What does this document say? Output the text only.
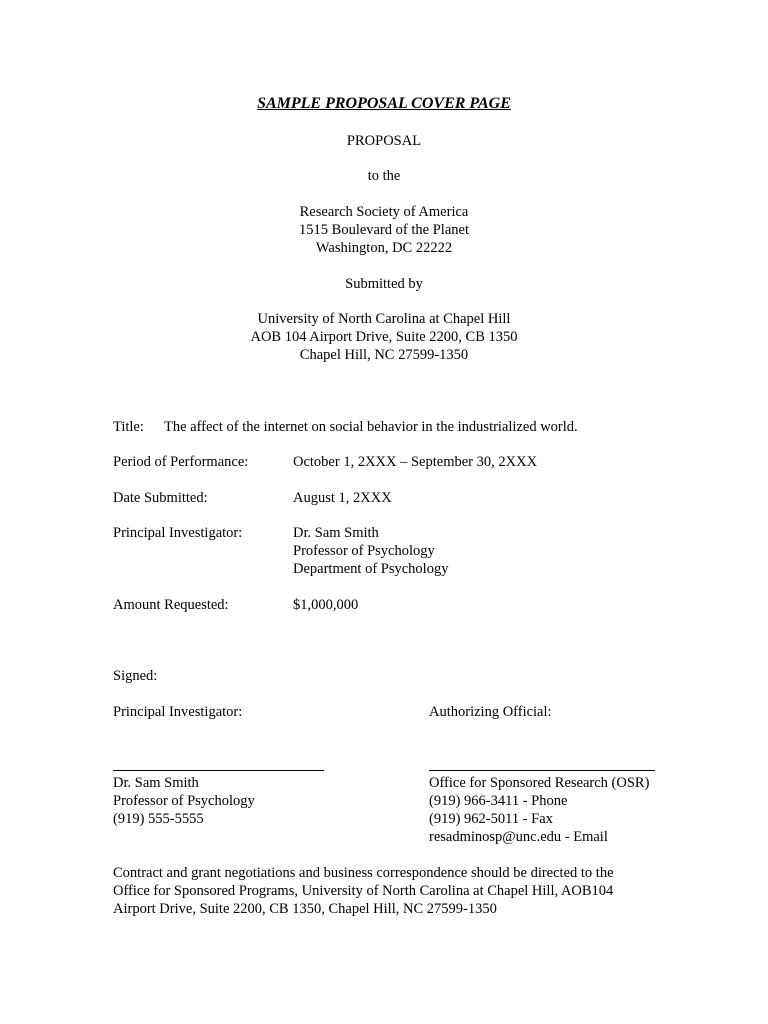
SAMPLE PROPOSAL COVER PAGE
PROPOSAL
to the
Research Society of America
1515 Boulevard of the Planet
Washington, DC 22222
Submitted by
University of North Carolina at Chapel Hill
AOB 104 Airport Drive, Suite 2200, CB 1350
Chapel Hill, NC 27599-1350
Title: The affect of the internet on social behavior in the industrialized world.
Period of Performance:	October 1, 2XXX – September 30, 2XXX
Date Submitted:	August 1, 2XXX
Principal Investigator:	Dr. Sam Smith
Professor of Psychology
Department of Psychology
Amount Requested:	$1,000,000
Signed:
Principal Investigator:	Authorizing Official:
Dr. Sam Smith
Professor of Psychology
(919) 555-5555
Office for Sponsored Research (OSR)
(919) 966-3411 - Phone
(919) 962-5011 - Fax
resadminosp@unc.edu - Email
Contract and grant negotiations and business correspondence should be directed to the
Office for Sponsored Programs, University of North Carolina at Chapel Hill, AOB104
Airport Drive, Suite 2200, CB 1350, Chapel Hill, NC 27599-1350
